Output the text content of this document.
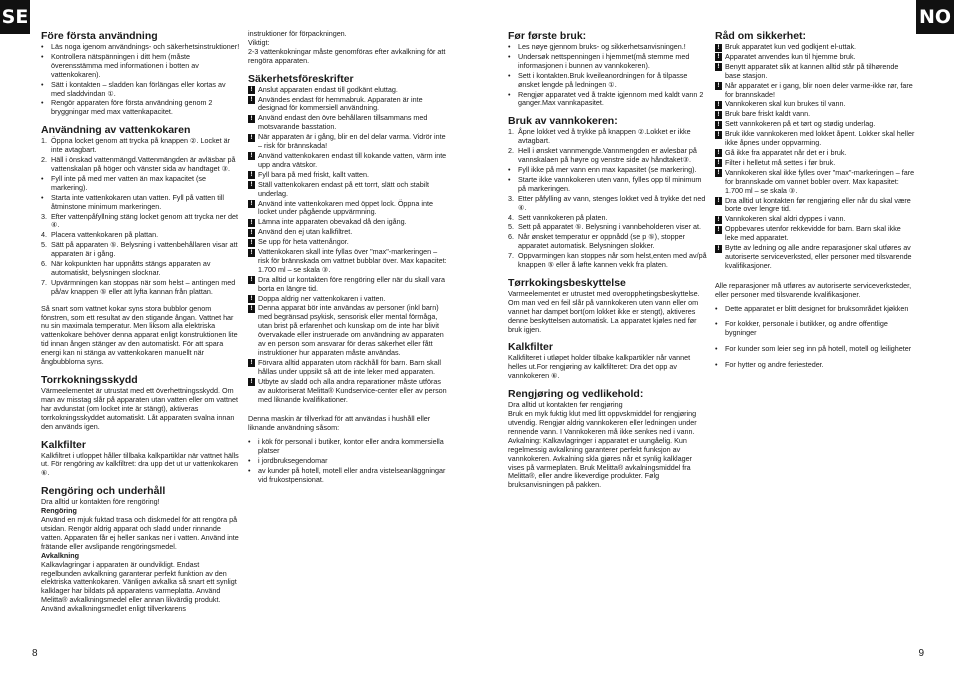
SE	NO
Före första användning
• Läs noga igenom användnings- och säkerhetsinstruktioner!
• Kontrollera nätspänningen i ditt hem (måste överensstämma med informationen i botten av vattenkokaren).
• Sätt i kontakten – sladden kan förlängas eller kortas av med sladdvindan ①.
• Rengör apparaten före första användning genom 2 bryggningar med max vattenkapacitet.
Användning av vattenkokaren
1. Öppna locket genom att trycka på knappen ②. Locket är inte avtagbart.
2. Häll i önskad vattenmängd.Vattenmängden är avläsbar på vattenskalan på höger och vänster sida av handtaget ③.
•	Fyll inte på med mer vatten än max kapacitet (se markering).
•	Starta inte vattenkokaren utan vatten. Fyll på vatten till åtminstone minimum markeringen.
3. Efter vattenpåfyllning stäng locket genom att trycka ner det ④.
4. Placera vattenkokaren på plattan.
5. Sätt på apparaten ⑤. Belysning i vattenbehållaren visar att apparaten är i gång.
6. När kokpunkten har uppnåtts stängs apparaten av automatiskt, belysningen slocknar.
7. Upvärmningen kan stoppas när som helst – antingen med på/av knappen ⑤ eller att lyfta kannan från plattan.

Så snart som vattnet kokar syns stora bubblor genom fönstren, som ett resultat av den stigande ångan. Vattnet har nu sin maximala temperatur. Men liksom alla elektriska vattenkokare behöver denna apparat enligt konstruktionen lite tid innan ången stänger av den automatiskt. För att spara energi kan ni stänga av vattenkokaren manuellt när ångbubblorna syns.

Torrkokningsskydd

Värmeelementet är utrustat med ett överhettningsskydd. Om man av misstag slår på apparaten utan vatten eller om vattnet har avdunstat (om locket inte är stängt), aktiveras torrkokningsskyddet automatiskt. Låt apparaten svalna innan den används igen.

Kalkfilter

Kalkfiltret i utloppet håller tillbaka kalkpartiklar när vattnet hälls ut. För rengöring av kalkfiltret: dra upp det ut ur vattenkokaren ⑥.

Rengöring och underhåll
Dra alltid ur kontakten före rengöring!
Rengöring
Använd en mjuk fuktad trasa och diskmedel för att rengöra på utsidan. Rengör aldrig apparat och sladd under rinnande vatten. Apparaten får ej heller sankas ner i vatten. Använd inte frätande eller avslipande rengöringsmedel.
Avkalkning
Kalkavlagringar i apparaten är oundvikligt. Endast regelbunden avkalkning garanterar perfekt funktion av den elektriska vattenkokaren. Vänligen avkalka så snart ett synligt kalklager har bildats på apparatens varmeplatta. Använd Melitta® avkalkningsmedel eller annan likvärdig produkt. Använd avkalkningsmedlet enligt tillverkarens
instruktioner för förpackningen.
Viktigt:
2-3 vattenkokningar måste genomföras efter avkalkning för att rengöra apparaten.
Säkerhetsföreskrifter
! Anslut apparaten endast till godkänt eluttag.
! Användes endast för hemmabruk. Apparaten är inte designad för kommersiell användning.
! Använd endast den övre behållaren tillsammans med motsvarande basstation.
! När apparaten är i gång, blir en del delar varma. Vidrör inte – risk för brännskada!
! Använd vattenkokaren endast till kokande vatten, värm inte upp andra vätskor.
! Fyll bara på med friskt, kallt vatten.
! Ställ vattenkokaren endast på ett torrt, slätt och stabilt underlag.
! Använd inte vattenkokaren med öppet lock. Öppna inte locket under pågående uppvärmning.
! Lämna inte apparaten obevakad då den igång.
! Använd den ej utan kalkfiltret.
! Se upp för heta vattenångor.
! Vattenkokaren skall inte fyllas över "max"-markeringen – risk för brännskada om vattnet bubblar över. Max kapacitet: 1.700 ml – se skala ③.
! Dra alltid ur kontakten före rengöring eller när du skall vara borta en längre tid.
! Doppa aldrig ner vattenkokaren i vatten.
! Denna apparat bör inte användas av personer (inkl barn) med begränsad psykisk, sensorisk eller mental förmåga, utan brist på erfarenhet och kunskap om de inte har blivit övervakade eller instruerade om användning av apparaten av en person som ansvarar för deras säkerhet eller fått instruktioner hur apparaten måste användas.
! Förvara alltid apparaten utom räckhåll för barn. Barn skall hållas under uppsikt så att de inte leker med apparaten.
! Utbyte av sladd och alla andra reparationer måste utföras av auktoriserat Melitta® Kundservice-center eller av person med liknande kvalifikationer.

Denna maskin är tillverkad för att användas i hushåll eller liknande användning såsom:

• i kök för personal i butiker, kontor eller andra kommersiella platser
• i jordbruksegendomar
• av kunder på hotell, motell eller andra vistelseanläggningar vid frukostpensionat.
Før første bruk:
• Les nøye gjennom bruks- og sikkerhetsanvisningen.!
• Undersøk nettspenningen i hjemmet(må stemme med informasjonen i bunnen av vannkokeren).
• Sett i kontakten.Bruk kveileanordningen for å tilpasse ønsket lengde på ledningen ①.
• Rengjør apparatet ved å trakte igjennom med kaldt vann 2 ganger.Max vannkapasitet.
Bruk av vannkokeren:
1. Åpne lokket ved å trykke på knappen ②.Lokket er ikke avtagbart.
2. Hell i ønsket vannmengde.Vannmengden er avlesbar på vannskalaen på høyre og venstre side av håndtaket③.
•	Fyll ikke på mer vann enn max kapasitet (se markering).
•	Starte ikke vannkokeren uten vann, fylles opp til minimum på markeringen.
3. Etter påfylling av vann, stenges lokket ved å trykke det ned ④.
4. Sett vannkokeren på platen.
5. Sett på apparatet ⑤. Belysning i vannbeholderen viser at.
6. Når ønsket temperatur er oppnådd (se p ⑤), stopper apparatet automatisk. Belysningen slokker.
7. Oppvarmingen kan stoppes når som helst,enten med av/på knappen ⑤ eller å løfte kannen vekk fra platen.
Tørrkokingsbeskyttelse

Varmeelementet er utrustet med overopphetingsbeskyttelse. Om man ved en feil slår på vannkokeren uten vann eller om vannet har dampet bort(om lokket ikke er stengt), aktiveres denne beskyttelsen automatisk. La apparatet kjøles ned før bruk igjen.

Kalkfilter

Kalkfilteret i utløpet holder tilbake kalkpartikler når vannet helles ut.For rengjøring av kalkfilteret: Dra det opp av vannkokeren ⑥.

Rengjøring og vedlikehold:
Dra alltid ut kontakten før rengjøring
Bruk en myk fuktig klut med litt oppvskmiddel for rengjøring utvendig. Rengjør aldrig vannkokeren eller ledningen under rennende vann. I Vannkokeren må ikke senkes ned i vann.
Avkalning: Kalkavlagringer i apparatet er uungåelig. Kun regelmessig avkalkning garanterer perfekt funksjon av vannkokeren. Avkalning skla gjøres når et synlig kalklager vises på varmeplaten. Bruk Melitta® avkalningsmiddel fra Melitta®, eller andre likeverdige produkter. Følg bruksanvisningen på pakken.
Råd om sikkerhet:
! Bruk apparatet kun ved godkjent el-uttak.
! Apparatet anvendes kun til hjemme bruk.
! Benytt apparatet slik at kannen alltid står på tilhørende base stasjon.
! Når apparatet er i gang, blir noen deler varme-ikke rør, fare for brannskade!
! Vannkokeren skal kun brukes til vann.
! Bruk bare friskt kaldt vann.
! Sett vannkokeren på et tørt og stødig underlag.
! Bruk ikke vannkokeren med lokket åpent. Lokker skal heller ikke åpnes under oppvarming.
! Gå ikke fra apparatet når det er i bruk.
! Filter i helletut må settes i før bruk.
! Vannkokeren skal ikke fylles over "max"-markeringen – fare for brannskade om vannet bobler overr. Max kapasitet: 1.700 ml – se skala ③.
! Dra alltid ut kontakten før rengjøring eller når du skal være borte over lengre tid.
! Vannkokeren skal aldri dyppes i vann.
! Oppbevares utenfor rekkevidde for barn. Barn skal ikke leke med apparatet.
! Bytte av ledning og alle andre reparasjoner skal utføres av autoriserte serviceverksted, eller personer med tilsvarende kvalifikasjoner.

Alle reparasjoner må utføres av autoriserte serviceverksteder, eller personer med tilsvarende kvalifikasjoner.

• Dette apparatet er blitt designet for bruksområdet kjøkken
• For kokker, personale i butikker, og andre offentlige bygninger
• For kunder som leier seg inn på hotell, motell og leiligheter
• For hytter og andre feriesteder.
8	9
